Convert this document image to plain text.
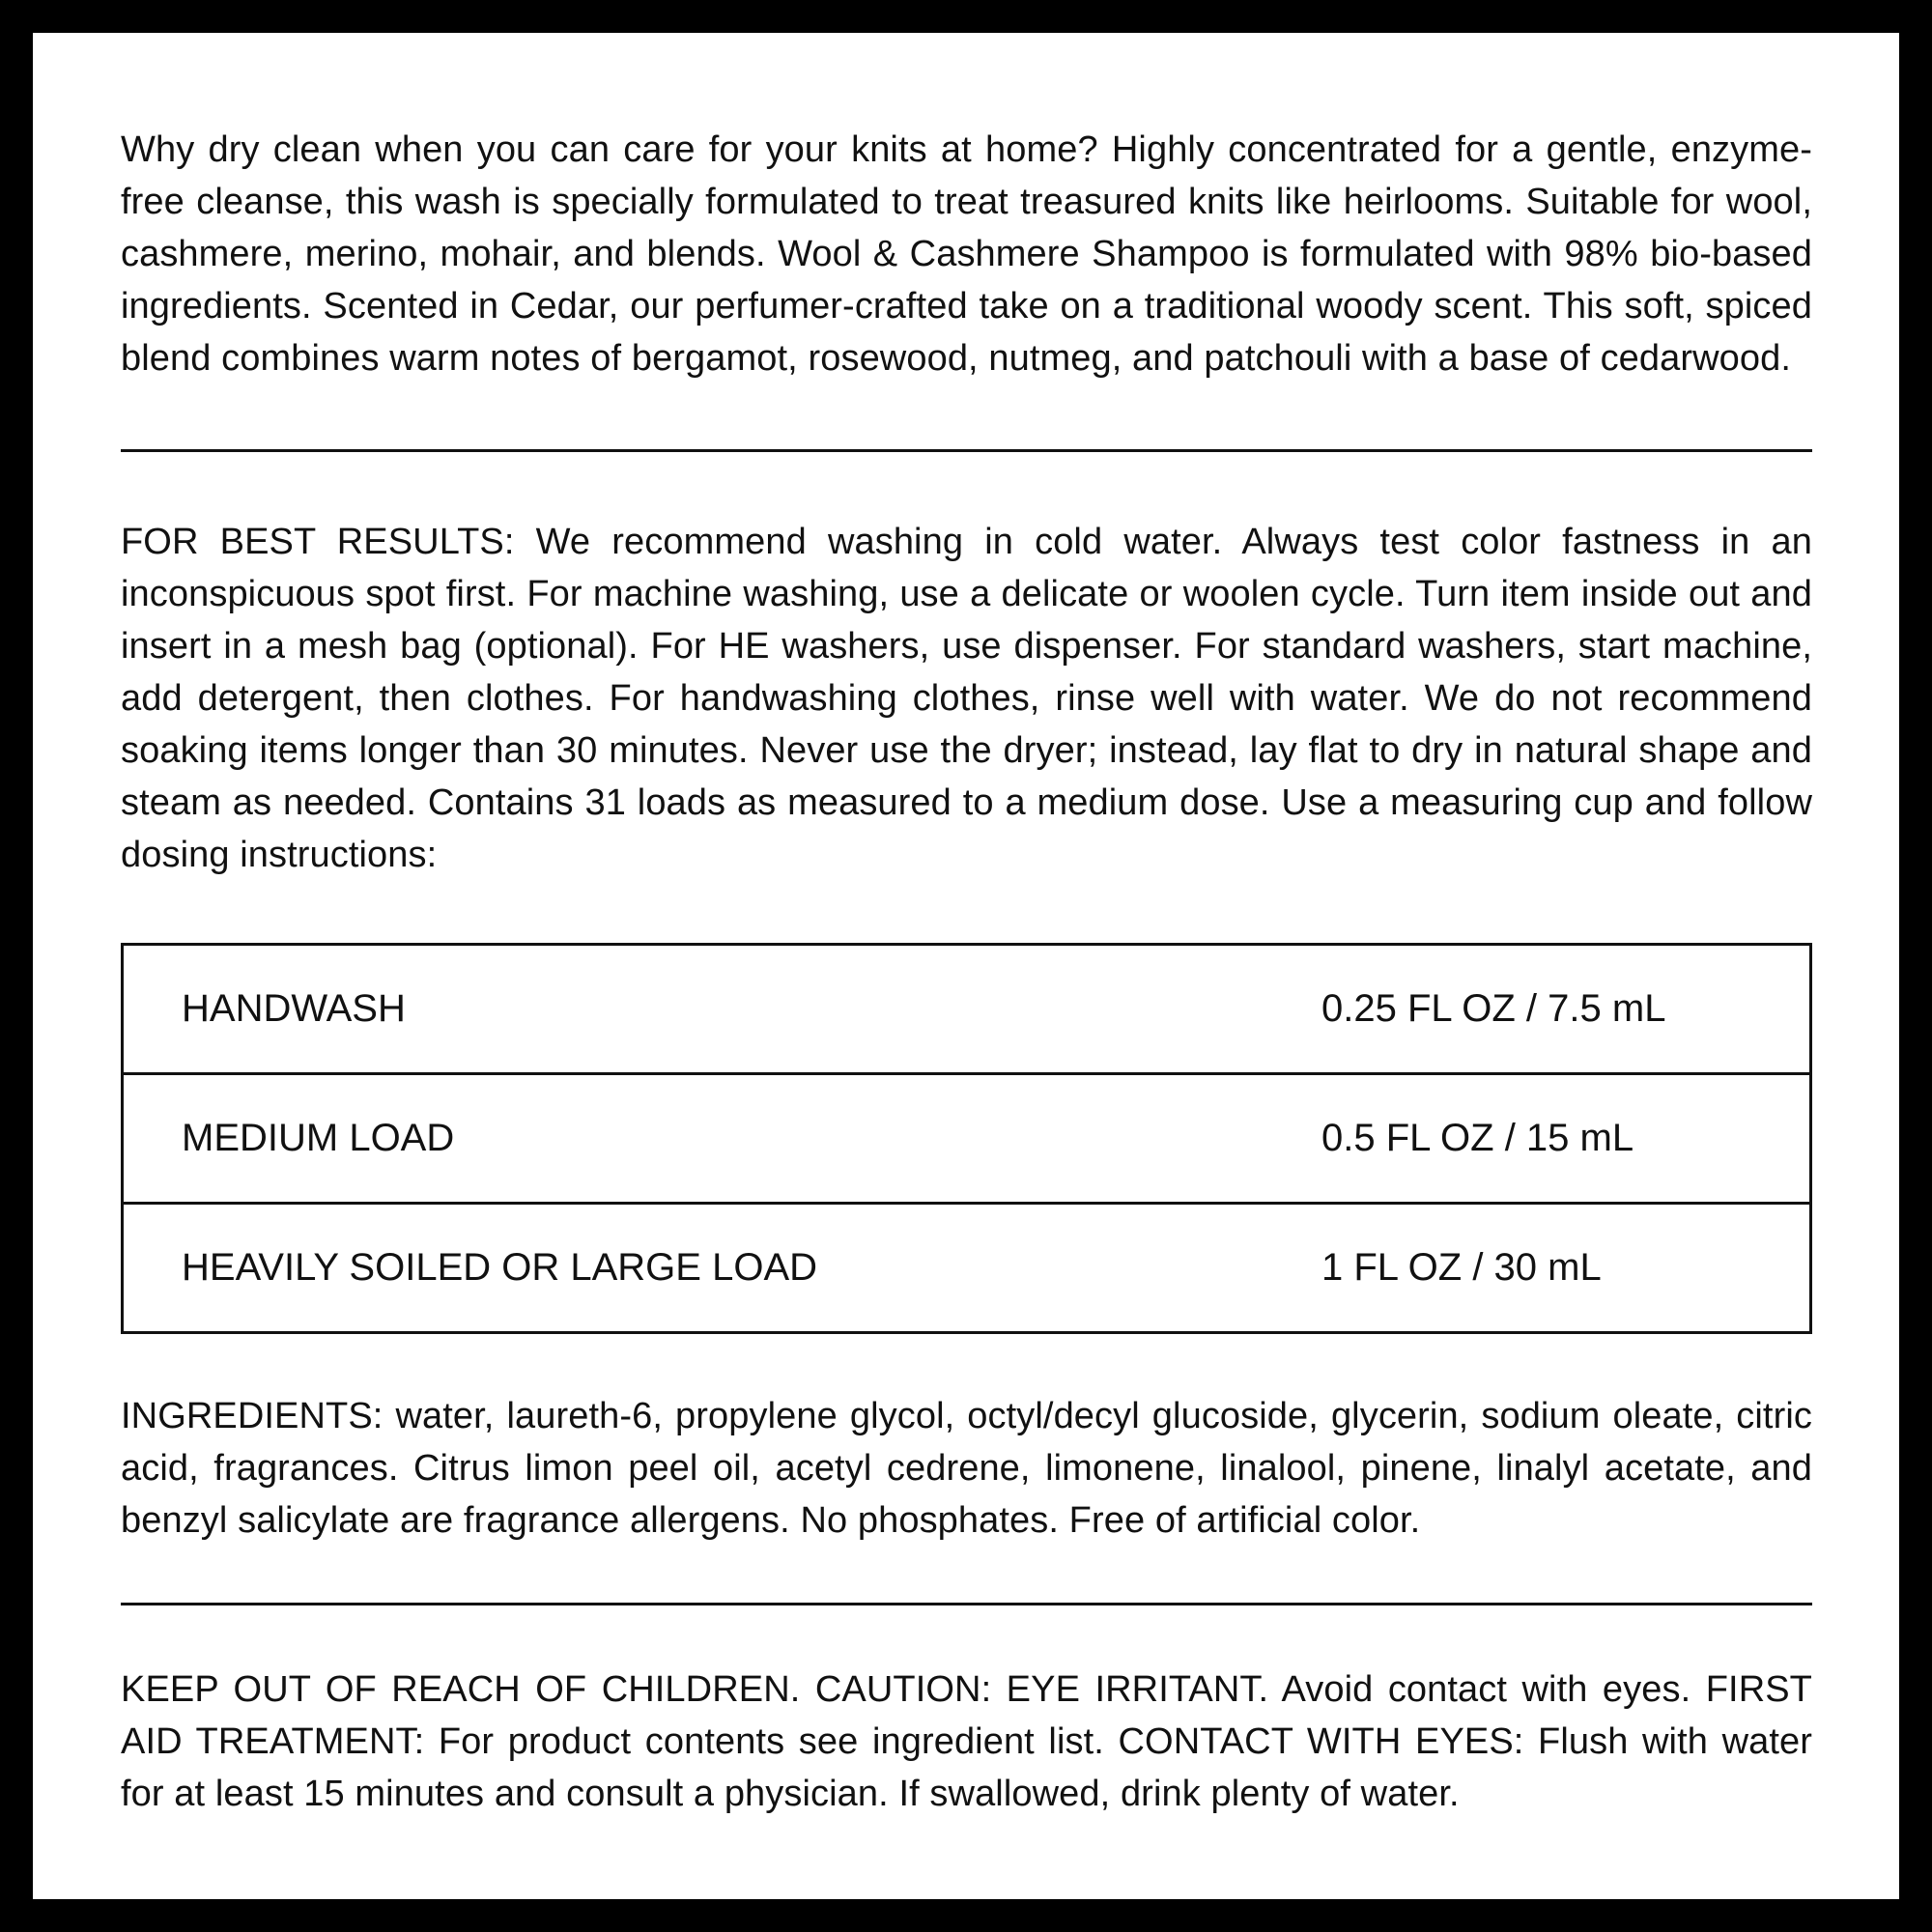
Why dry clean when you can care for your knits at home? Highly concentrated for a gentle, enzyme-free cleanse, this wash is specially formulated to treat treasured knits like heirlooms. Suitable for wool, cashmere, merino, mohair, and blends. Wool & Cashmere Shampoo is formulated with 98% bio-based ingredients. Scented in Cedar, our perfumer-crafted take on a traditional woody scent. This soft, spiced blend combines warm notes of bergamot, rosewood, nutmeg, and patchouli with a base of cedarwood.

FOR BEST RESULTS: We recommend washing in cold water. Always test color fastness in an inconspicuous spot first. For machine washing, use a delicate or woolen cycle. Turn item inside out and insert in a mesh bag (optional). For HE washers, use dispenser. For standard washers, start machine, add detergent, then clothes. For handwashing clothes, rinse well with water. We do not recommend soaking items longer than 30 minutes. Never use the dryer; instead, lay flat to dry in natural shape and steam as needed. Contains 31 loads as measured to a medium dose. Use a measuring cup and follow dosing instructions:

HANDWASH	0.25 FL OZ / 7.5 mL
MEDIUM LOAD	0.5 FL OZ / 15 mL
HEAVILY SOILED OR LARGE LOAD	1 FL OZ / 30 mL

INGREDIENTS: water, laureth-6, propylene glycol, octyl/decyl glucoside, glycerin, sodium oleate, citric acid, fragrances. Citrus limon peel oil, acetyl cedrene, limonene, linalool, pinene, linalyl acetate, and benzyl salicylate are fragrance allergens. No phosphates. Free of artificial color.

KEEP OUT OF REACH OF CHILDREN. CAUTION: EYE IRRITANT. Avoid contact with eyes. FIRST AID TREATMENT: For product contents see ingredient list. CONTACT WITH EYES: Flush with water for at least 15 minutes and consult a physician. If swallowed, drink plenty of water.
